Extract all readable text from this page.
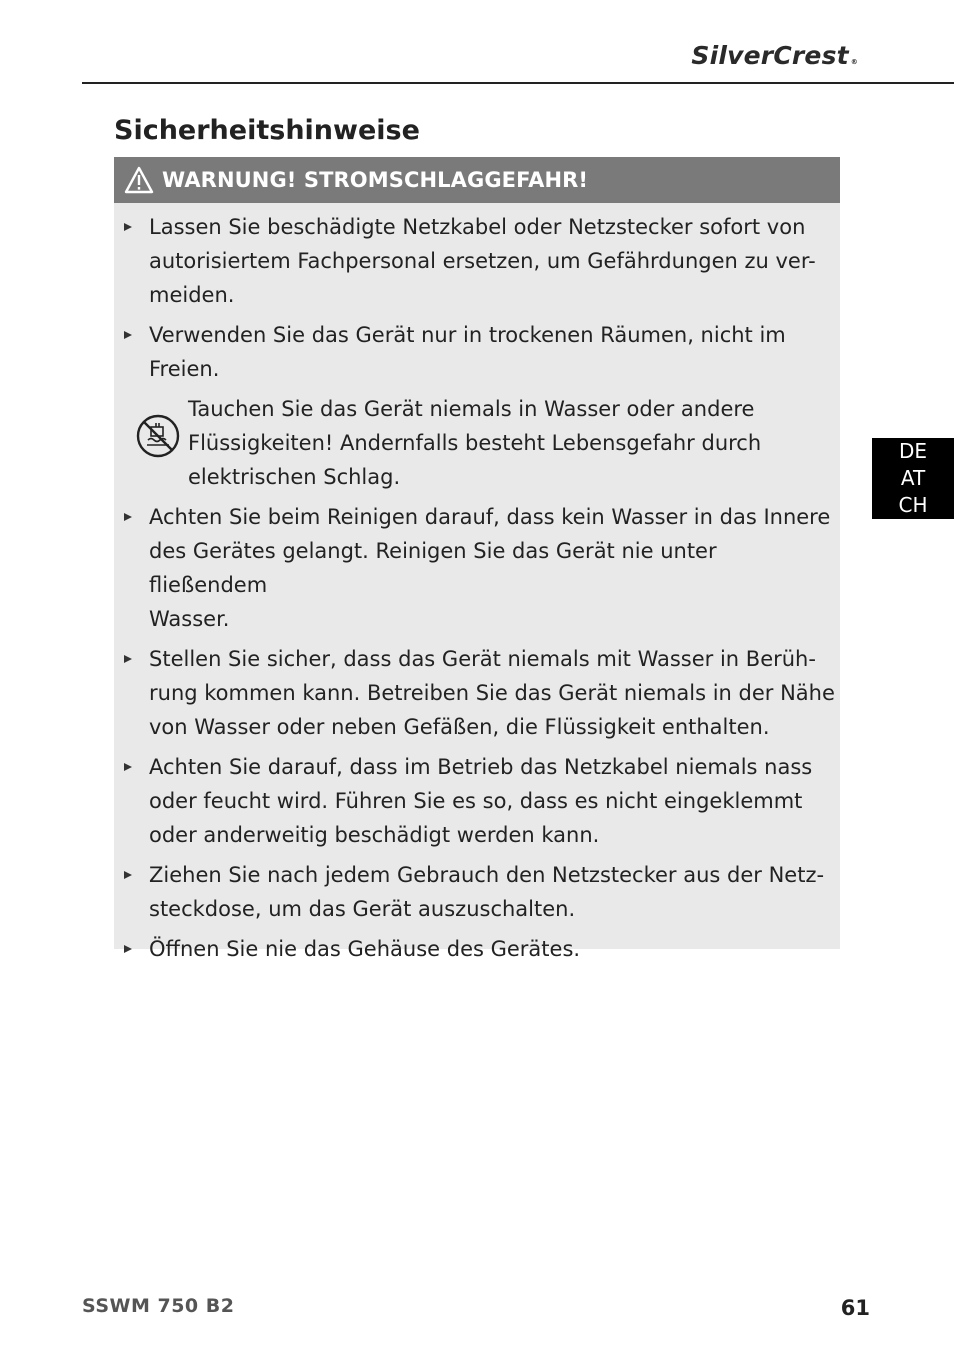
SilverCrest ®
Sicherheitshinweise
DE
AT
CH
WARNUNG! STROMSCHLAGGEFAHR!
Lassen Sie beschädigte Netzkabel oder Netzstecker sofort von
autorisiertem Fachpersonal ersetzen, um Gefährdungen zu ver-
meiden.
Verwenden Sie das Gerät nur in trockenen Räumen, nicht im
Freien.
Tauchen Sie das Gerät niemals in Wasser oder andere
Flüssigkeiten! Andernfalls besteht Lebensgefahr durch
elektrischen Schlag.
Achten Sie beim Reinigen darauf, dass kein Wasser in das Innere
des Gerätes gelangt. Reinigen Sie das Gerät nie unter fließendem
Wasser.
Stellen Sie sicher, dass das Gerät niemals mit Wasser in Berüh-
rung kommen kann. Betreiben Sie das Gerät niemals in der Nähe
von Wasser oder neben Gefäßen, die Flüssigkeit enthalten.
Achten Sie darauf, dass im Betrieb das Netzkabel niemals nass
oder feucht wird. Führen Sie es so, dass es nicht eingeklemmt
oder anderweitig beschädigt werden kann.
Ziehen Sie nach jedem Gebrauch den Netzstecker aus der Netz-
steckdose, um das Gerät auszuschalten.
Öffnen Sie nie das Gehäuse des Gerätes.
SSWM 750 B2	61
